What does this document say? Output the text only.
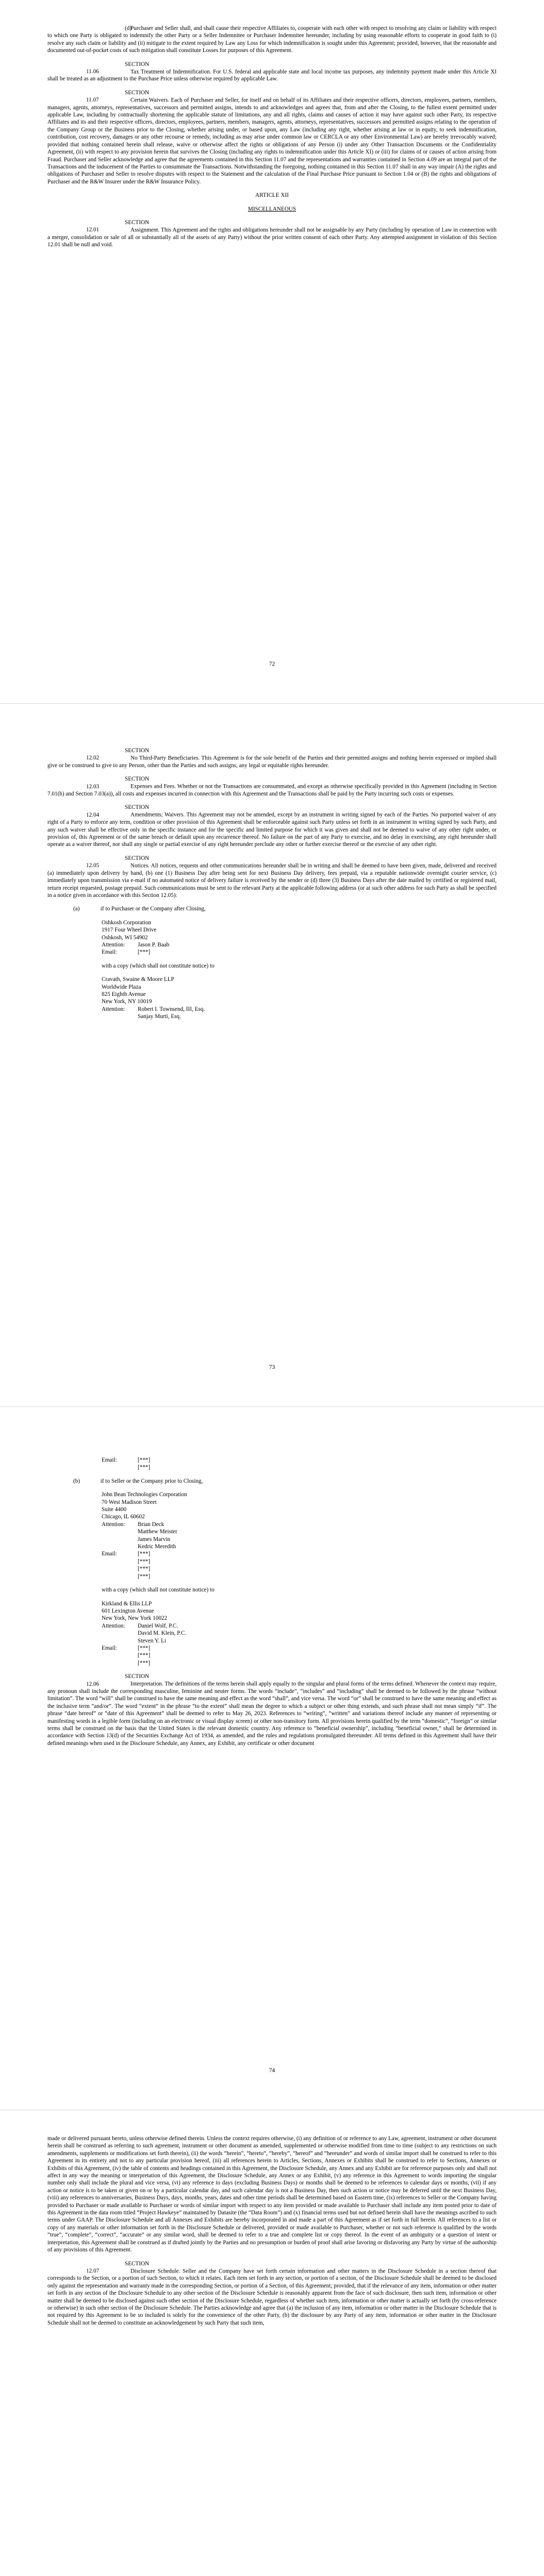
(d)Purchaser and Seller shall, and shall cause their respective Affiliates to, cooperate with each other with respect to resolving any claim or liability with respect to which one Party is obligated to indemnify the other Party or a Seller Indemnitee or Purchaser Indemnitee hereunder, including by using reasonable efforts to cooperate in good faith to (i) resolve any such claim or liability and (ii) mitigate to the extent required by Law any Loss for which indemnification is sought under this Agreement; provided, however, that the reasonable and documented out-of-pocket costs of such mitigation shall constitute Losses for purposes of this Agreement.

SECTION 11.06	Tax Treatment of Indemnification. For U.S. federal and applicable state and local income tax purposes, any indemnity payment made under this Article XI shall be treated as an adjustment to the Purchase Price unless otherwise required by applicable Law.

SECTION 11.07	Certain Waivers. Each of Purchaser and Seller, for itself and on behalf of its Affiliates and their respective officers, directors, employees, partners, members, managers, agents, attorneys, representatives, successors and permitted assigns, intends to and acknowledges and agrees that, from and after the Closing, to the fullest extent permitted under applicable Law, including by contractually shortening the applicable statute of limitations, any and all rights, claims and causes of action it may have against such other Party, its respective Affiliates and its and their respective officers, directors, employees, partners, members, managers, agents, attorneys, representatives, successors and permitted assigns relating to the operation of the Company Group or the Business prior to the Closing, whether arising under, or based upon, any Law (including any right, whether arising at law or in equity, to seek indemnification, contribution, cost recovery, damages or any other recourse or remedy, including as may arise under common law or CERCLA or any other Environmental Law) are hereby irrevocably waived; provided that nothing contained herein shall release, waive or otherwise affect the rights or obligations of any Person (i) under any Other Transaction Documents or the Confidentiality Agreement, (ii) with respect to any provision herein that survives the Closing (including any rights to indemnification under this Article XI) or (iii) for claims of or causes of action arising from Fraud. Purchaser and Seller acknowledge and agree that the agreements contained in this Section 11.07 and the representations and warranties contained in Section 4.09 are an integral part of the Transactions and the inducement of the Parties to consummate the Transactions. Notwithstanding the foregoing, nothing contained in this Section 11.07 shall in any way impair (A) the rights and obligations of Purchaser and Seller to resolve disputes with respect to the Statement and the calculation of the Final Purchase Price pursuant to Section 1.04 or (B) the rights and obligations of Purchaser and the R&W Insurer under the R&W Insurance Policy.

ARTICLE XII

MISCELLANEOUS

SECTION 12.01	Assignment. This Agreement and the rights and obligations hereunder shall not be assignable by any Party (including by operation of Law in connection with a merger, consolidation or sale of all or substantially all of the assets of any Party) without the prior written consent of each other Party. Any attempted assignment in violation of this Section 12.01 shall be null and void.

72

SECTION 12.02	No Third-Party Beneficiaries. This Agreement is for the sole benefit of the Parties and their permitted assigns and nothing herein expressed or implied shall give or be construed to give to any Person, other than the Parties and such assigns, any legal or equitable rights hereunder.

SECTION 12.03	Expenses and Fees. Whether or not the Transactions are consummated, and except as otherwise specifically provided in this Agreement (including in Section 7.01(h) and Section 7.03(a)), all costs and expenses incurred in connection with this Agreement and the Transactions shall be paid by the Party incurring such costs or expenses.

SECTION 12.04	Amendments; Waivers. This Agreement may not be amended, except by an instrument in writing signed by each of the Parties. No purported waiver of any right of a Party to enforce any term, condition or other provision of this Agreement shall be enforceable against such Party unless set forth in an instrument in writing signed by such Party, and any such waiver shall be effective only in the specific instance and for the specific and limited purpose for which it was given and shall not be deemed to waive of any other right under, or provision of, this Agreement or of the same breach or default upon any recurrence thereof. No failure on the part of any Party to exercise, and no delay in exercising, any right hereunder shall operate as a waiver thereof, nor shall any single or partial exercise of any right hereunder preclude any other or further exercise thereof or the exercise of any other right.

SECTION 12.05	Notices. All notices, requests and other communications hereunder shall be in writing and shall be deemed to have been given, made, delivered and received (a) immediately upon delivery by hand, (b) one (1) Business Day after being sent for next Business Day delivery, fees prepaid, via a reputable nationwide overnight courier service, (c) immediately upon transmission via e-mail if no automated notice of delivery failure is received by the sender or (d) three (3) Business Days after the date mailed by certified or registered mail, return receipt requested, postage prepaid. Such communications must be sent to the relevant Party at the applicable following address (or at such other address for such Party as shall be specified in a notice given in accordance with this Section 12.05):

(a)	if to Purchaser or the Company after Closing,
Oshkosh Corporation
1917 Four Wheel Drive
Oshkosh, WI 54902
Attention:	Jason P. Baab
Email:	[***]
with a copy (which shall not constitute notice) to
Cravath, Swaine & Moore LLP
Worldwide Plaza
825 Eighth Avenue
New York, NY 10019
Attention:	Robert I. Townsend, III, Esq.
Sanjay Murti, Esq.
73
Email:	[***]
[***]
(b)	if to Seller or the Company prior to Closing,
John Bean Technologies Corporation
70 West Madison Street
Suite 4400
Chicago, IL 60602
Attention:	Brian Deck
Matthew Meister
James Marvin
Kedric Meredith
Email:	[***]
[***]
[***]
[***]
with a copy (which shall not constitute notice) to
Kirkland & Ellis LLP
601 Lexington Avenue
New York, New York 10022
Attention:	Daniel Wolf, P.C.
David M. Klein, P.C.
Steven Y. Li
Email:	[***]
[***]
[***]

SECTION 12.06	Interpretation. The definitions of the terms herein shall apply equally to the singular and plural forms of the terms defined. Whenever the context may require, any pronoun shall include the corresponding masculine, feminine and neuter forms. The words “include”, “includes” and “including” shall be deemed to be followed by the phrase “without limitation”. The word “will” shall be construed to have the same meaning and effect as the word “shall”, and vice versa. The word “or” shall be construed to have the same meaning and effect as the inclusive term “and/or”. The word “extent” in the phrase “to the extent” shall mean the degree to which a subject or other thing extends, and such phrase shall not mean simply “if”. The phrase “date hereof” or “date of this Agreement” shall be deemed to refer to May 26, 2023. References to “writing”, “written” and variations thereof include any manner of representing or manifesting words in a legible form (including on an electronic or visual display screen) or other non-transitory form. All provisions herein qualified by the term “domestic”, “foreign” or similar terms shall be construed on the basis that the United States is the relevant domestic country. Any reference to “beneficial ownership”, including “beneficial owner,” shall be determined in accordance with Section 13(d) of the Securities Exchange Act of 1934, as amended, and the rules and regulations promulgated thereunder. All terms defined in this Agreement shall have their defined meanings when used in the Disclosure Schedule, any Annex, any Exhibit, any certificate or other document

74

made or delivered pursuant hereto, unless otherwise defined therein. Unless the context requires otherwise, (i) any definition of or reference to any Law, agreement, instrument or other document herein shall be construed as referring to such agreement, instrument or other document as amended, supplemented or otherwise modified from time to time (subject to any restrictions on such amendments, supplements or modifications set forth therein), (ii) the words “herein”, “hereto”, “hereby”, “hereof” and “hereunder” and words of similar import shall be construed to refer to this Agreement in its entirety and not to any particular provision hereof, (iii) all references herein to Articles, Sections, Annexes or Exhibits shall be construed to refer to Sections, Annexes or Exhibits of this Agreement, (iv) the table of contents and headings contained in this Agreement, the Disclosure Schedule, any Annex and any Exhibit are for reference purposes only and shall not affect in any way the meaning or interpretation of this Agreement, the Disclosure Schedule, any Annex or any Exhibit, (v) any reference in this Agreement to words importing the singular number only shall include the plural and vice versa, (vi) any reference to days (excluding Business Days) or months shall be deemed to be references to calendar days or months, (vii) if any action or notice is to be taken or given on or by a particular calendar day, and such calendar day is not a Business Day, then such action or notice may be deferred until the next Business Day, (viii) any references to anniversaries, Business Days, days, months, years, dates and other time periods shall be determined based on Eastern time, (ix) references to Seller or the Company having provided to Purchaser or made available to Purchaser or words of similar import with respect to any item provided or made available to Purchaser shall include any item posted prior to date of this Agreement in the data room titled “Project Hawkeye” maintained by Datasite (the “Data Room”) and (x) financial terms used but not defined herein shall have the meanings ascribed to such terms under GAAP. The Disclosure Schedule and all Annexes and Exhibits are hereby incorporated in and made a part of this Agreement as if set forth in full herein. All references to a list or copy of any materials or other information set forth in the Disclosure Schedule or delivered, provided or made available to Purchaser, whether or not such reference is qualified by the words “true”, “complete”, “correct”, “accurate” or any similar word, shall be deemed to refer to a true and complete list or copy thereof. In the event of an ambiguity or a question of intent or interpretation, this Agreement shall be construed as if drafted jointly by the Parties and no presumption or burden of proof shall arise favoring or disfavoring any Party by virtue of the authorship of any provisions of this Agreement.

SECTION 12.07	Disclosure Schedule. Seller and the Company have set forth certain information and other matters in the Disclosure Schedule in a section thereof that corresponds to the Section, or a portion of such Section, to which it relates. Each item set forth in any section, or portion of a section, of the Disclosure Schedule shall be deemed to be disclosed only against the representation and warranty made in the corresponding Section, or portion of a Section, of this Agreement; provided, that if the relevance of any item, information or other matter set forth in any section of the Disclosure Schedule to any other section of the Disclosure Schedule is reasonably apparent from the face of such disclosure, then such item, information or other matter shall be deemed to be disclosed against such other section of the Disclosure Schedule, regardless of whether such item, information or other matter is actually set forth (by cross-reference or otherwise) in such other section of the Disclosure Schedule. The Parties acknowledge and agree that (a) the inclusion of any item, information or other matter in the Disclosure Schedule that is not required by this Agreement to be so included is solely for the convenience of the other Party, (b) the disclosure by any Party of any item, information or other matter in the Disclosure Schedule shall not be deemed to constitute an acknowledgement by such Party that such item,
